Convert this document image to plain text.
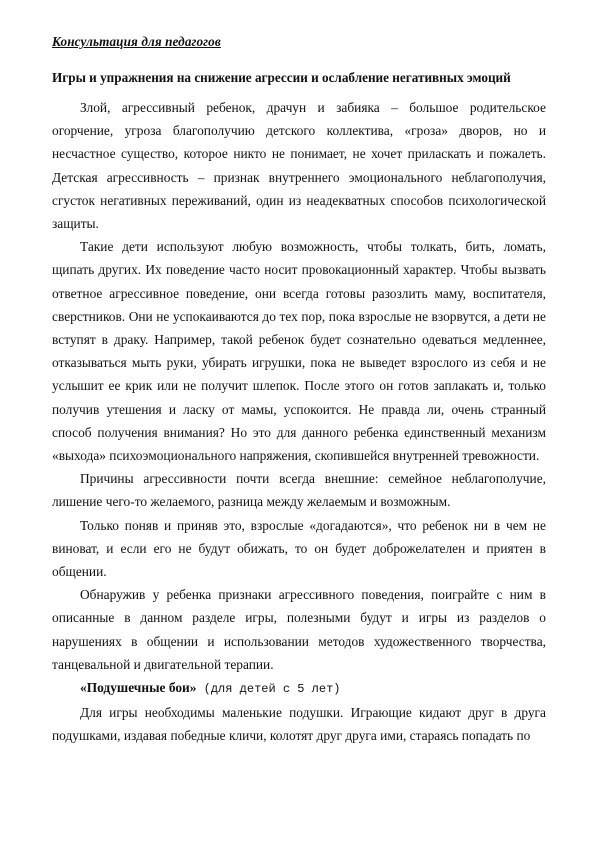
Консультация для педагогов
Игры и упражнения на снижение агрессии и ослабление негативных эмоций

Злой, агрессивный ребенок, драчун и забияка – большое родительское огорчение, угроза благополучию детского коллектива, «гроза» дворов, но и несчастное существо, которое никто не понимает, не хочет приласкать и пожалеть. Детская агрессивность – признак внутреннего эмоционального неблагополучия, сгусток негативных переживаний, один из неадекватных способов психологической защиты.

Такие дети используют любую возможность, чтобы толкать, бить, ломать, щипать других. Их поведение часто носит провокационный характер. Чтобы вызвать ответное агрессивное поведение, они всегда готовы разозлить маму, воспитателя, сверстников. Они не успокаиваются до тех пор, пока взрослые не взорвутся, а дети не вступят в драку. Например, такой ребенок будет сознательно одеваться медленнее, отказываться мыть руки, убирать игрушки, пока не выведет взрослого из себя и не услышит ее крик или не получит шлепок. После этого он готов заплакать и, только получив утешения и ласку от мамы, успокоится. Не правда ли, очень странный способ получения внимания? Но это для данного ребенка единственный механизм «выхода» психоэмоционального напряжения, скопившейся внутренней тревожности.

Причины агрессивности почти всегда внешние: семейное неблагополучие, лишение чего-то желаемого, разница между желаемым и возможным.

Только поняв и приняв это, взрослые «догадаются», что ребенок ни в чем не виноват, и если его не будут обижать, то он будет доброжелателен и приятен в общении.

Обнаружив у ребенка признаки агрессивного поведения, поиграйте с ним в описанные в данном разделе игры, полезными будут и игры из разделов о нарушениях в общении и использовании методов художественного творчества, танцевальной и двигательной терапии.

«Подушечные бои» (для детей с 5 лет)

Для игры необходимы маленькие подушки. Играющие кидают друг в друга подушками, издавая победные кличи, колотят друг друга ими, стараясь попадать по
